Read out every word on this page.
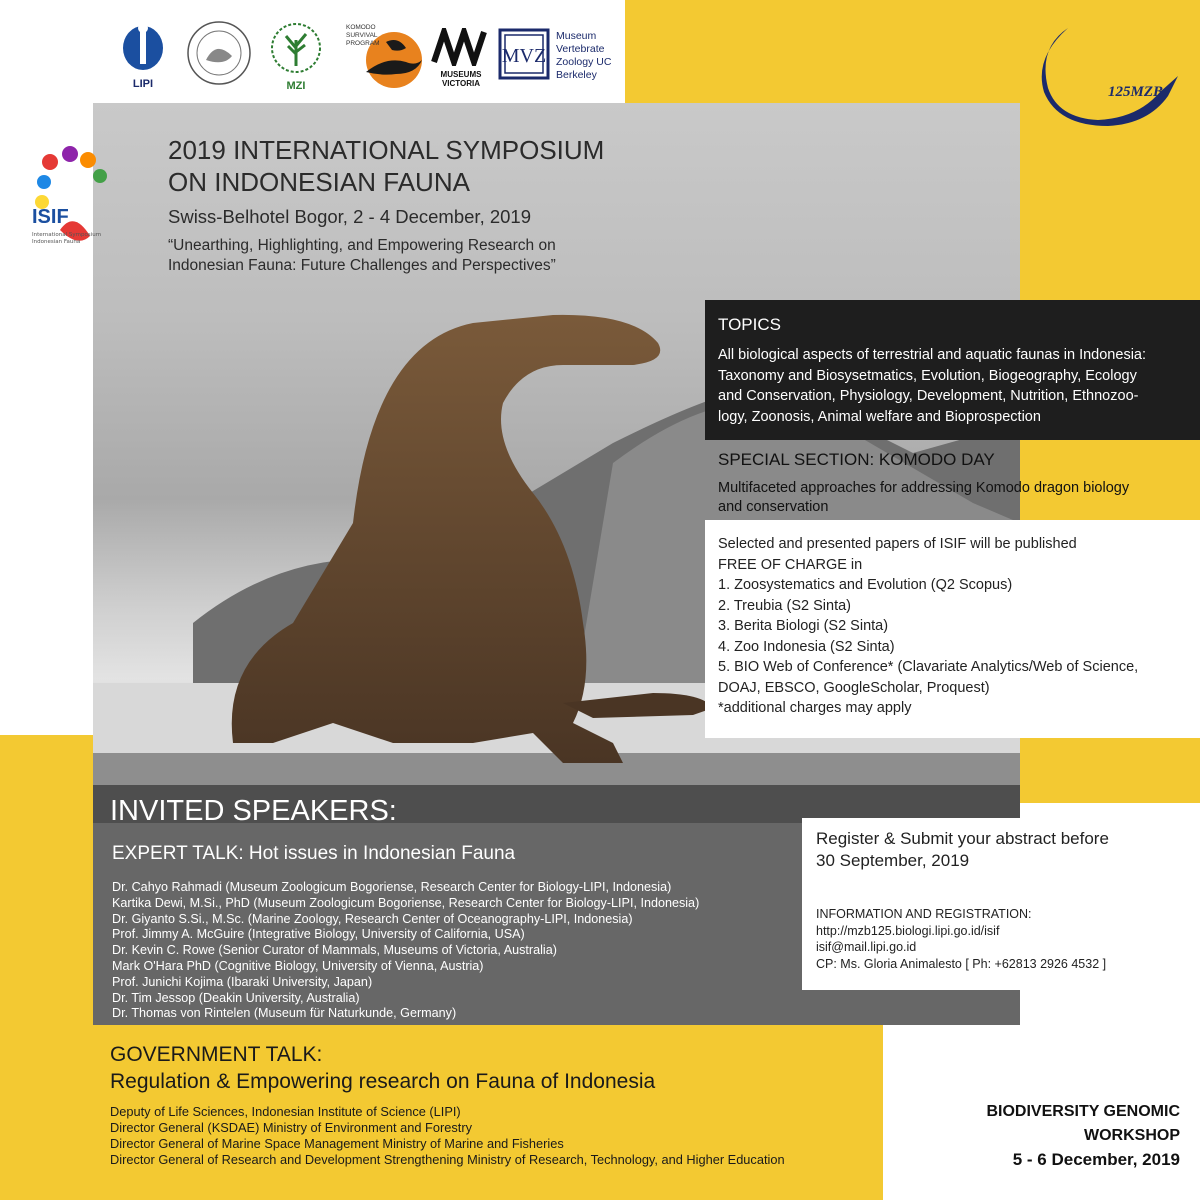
LIPI	MZI
KOMODO SURVIVAL PROGRAM
MUSEUMS VICTORIA
MVZ
Museum Vertebrate Zoology UC Berkeley
125MZB
ISIF
International Symposium Indonesian Fauna
2019 INTERNATIONAL SYMPOSIUM
ON INDONESIAN FAUNA
Swiss-Belhotel Bogor, 2 - 4 December, 2019
“Unearthing, Highlighting, and Empowering Research on
Indonesian Fauna: Future Challenges and Perspectives”
TOPICS
All biological aspects of terrestrial and aquatic faunas in Indonesia:
Taxonomy and Biosysetmatics, Evolution, Biogeography, Ecology
and Conservation, Physiology, Development, Nutrition, Ethnozoo-
logy, Zoonosis, Animal welfare and Bioprospection
SPECIAL SECTION: KOMODO DAY
Multifaceted approaches for addressing Komodo dragon biology
and conservation
Selected and presented papers of ISIF will be published
FREE OF CHARGE in
1. Zoosystematics and Evolution (Q2 Scopus)
2. Treubia (S2 Sinta)
3. Berita Biologi (S2 Sinta)
4. Zoo Indonesia (S2 Sinta)
5. BIO Web of Conference* (Clavariate Analytics/Web of Science,
DOAJ, EBSCO, GoogleScholar, Proquest)
*additional charges may apply
INVITED SPEAKERS:
EXPERT TALK: Hot issues in Indonesian Fauna
Dr. Cahyo Rahmadi (Museum Zoologicum Bogoriense, Research Center for Biology-LIPI, Indonesia)
Kartika Dewi, M.Si., PhD (Museum Zoologicum Bogoriense, Research Center for Biology-LIPI, Indonesia)
Dr. Giyanto S.Si., M.Sc. (Marine Zoology, Research Center of Oceanography-LIPI, Indonesia)
Prof. Jimmy A. McGuire (Integrative Biology, University of California, USA)
Dr. Kevin C. Rowe (Senior Curator of Mammals, Museums of Victoria, Australia)
Mark O'Hara PhD (Cognitive Biology, University of Vienna, Austria)
Prof. Junichi Kojima (Ibaraki University, Japan)
Dr. Tim Jessop (Deakin University, Australia)
Dr. Thomas von Rintelen (Museum für Naturkunde, Germany)
Register & Submit your abstract before
30 September, 2019
INFORMATION AND REGISTRATION:
http://mzb125.biologi.lipi.go.id/isif
isif@mail.lipi.go.id
CP: Ms. Gloria Animalesto [ Ph: +62813 2926 4532 ]
GOVERNMENT TALK:
Regulation & Empowering research on Fauna of Indonesia
Deputy of Life Sciences, Indonesian Institute of Science (LIPI)
Director General (KSDAE) Ministry of Environment and Forestry
Director General of Marine Space Management Ministry of Marine and Fisheries
Director General of Research and Development Strengthening Ministry of Research, Technology, and Higher Education
BIODIVERSITY GENOMIC
WORKSHOP
5 - 6 December, 2019
